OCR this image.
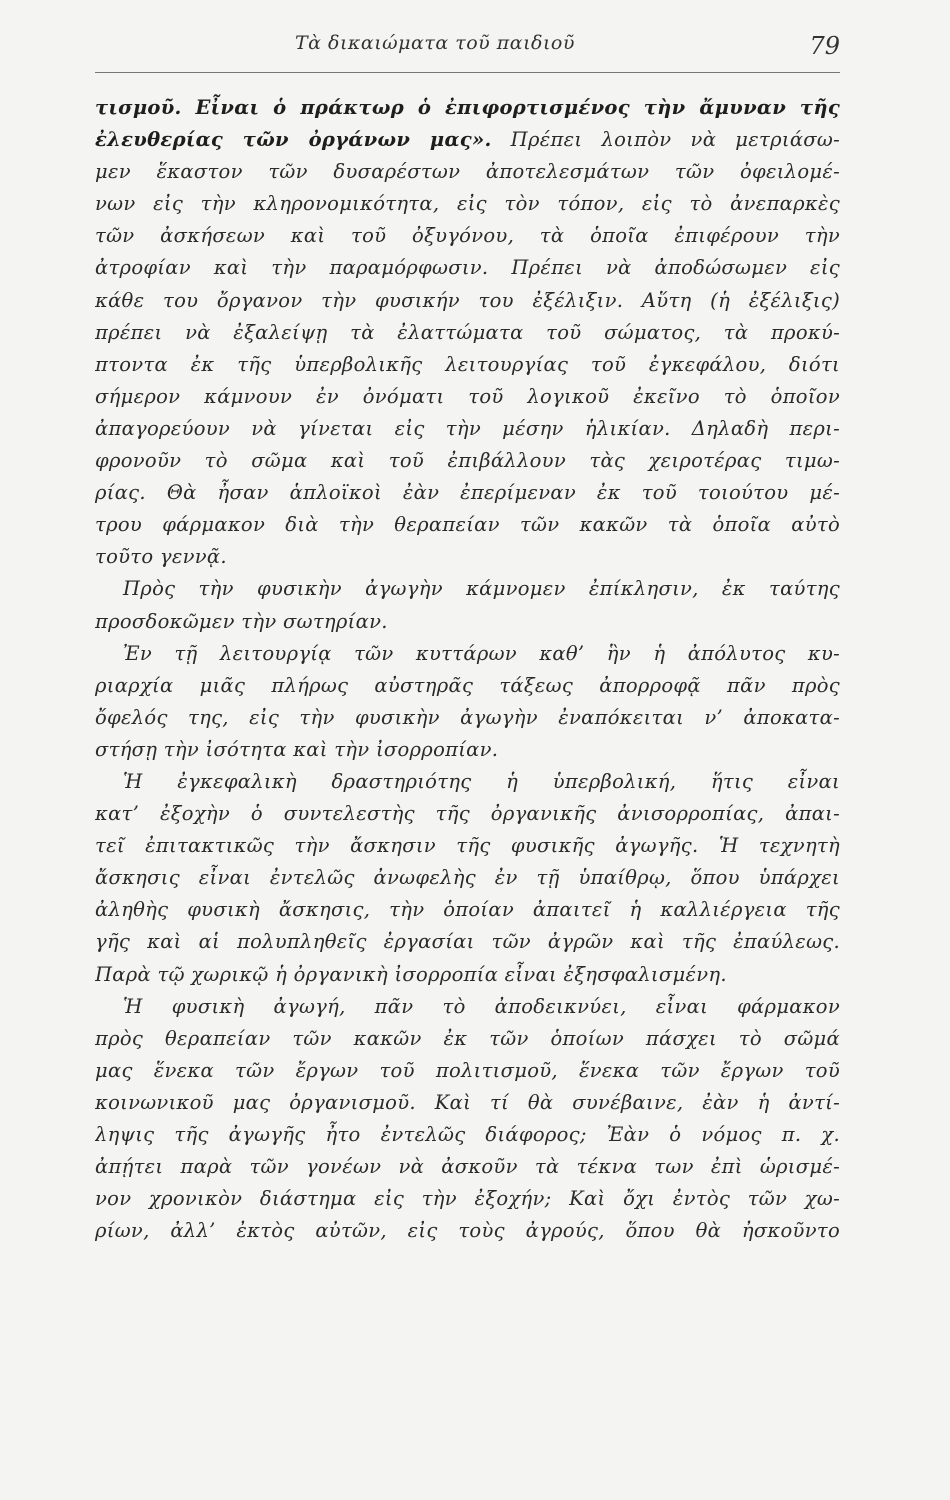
Τὰ δικαιώματα τοῦ παιδιοῦ	79
τισμοῦ. Εἶναι ὁ πράκτωρ ὁ ἐπιφορτισμένος τὴν ἄμυναν τῆς
ἐλευθερίας τῶν ὀργάνων μας». Πρέπει λοιπὸν νὰ μετριάσω-
μεν ἕκαστον τῶν δυσαρέστων ἀποτελεσμάτων τῶν ὀφειλομέ-
νων εἰς τὴν κληρονομικότητα, εἰς τὸν τόπον, εἰς τὸ ἀνεπαρκὲς
τῶν ἀσκήσεων καὶ τοῦ ὀξυγόνου, τὰ ὁποῖα ἐπιφέρουν τὴν
ἀτροφίαν καὶ τὴν παραμόρφωσιν. Πρέπει νὰ ἀποδώσωμεν εἰς
κάθε του ὄργανον τὴν φυσικήν του ἐξέλιξιν. Αὕτη (ἡ ἐξέλιξις)
πρέπει νὰ ἐξαλείψῃ τὰ ἐλαττώματα τοῦ σώματος, τὰ προκύ-
πτοντα ἐκ τῆς ὑπερβολικῆς λειτουργίας τοῦ ἐγκεφάλου, διότι
σήμερον κάμνουν ἐν ὀνόματι τοῦ λογικοῦ ἐκεῖνο τὸ ὁποῖον
ἀπαγορεύουν νὰ γίνεται εἰς τὴν μέσην ἡλικίαν. Δηλαδὴ περι-
φρονοῦν τὸ σῶμα καὶ τοῦ ἐπιβάλλουν τὰς χειροτέρας τιμω-
ρίας. Θὰ ἦσαν ἁπλοϊκοὶ ἐὰν ἐπερίμεναν ἐκ τοῦ τοιούτου μέ-
τρου φάρμακον διὰ τὴν θεραπείαν τῶν κακῶν τὰ ὁποῖα αὐτὸ
τοῦτο γεννᾷ.
Πρὸς τὴν φυσικὴν ἀγωγὴν κάμνομεν ἐπίκλησιν, ἐκ ταύτης
προσδοκῶμεν τὴν σωτηρίαν.
Ἐν τῇ λειτουργίᾳ τῶν κυττάρων καθ’ ἣν ἡ ἀπόλυτος κυ-
ριαρχία μιᾶς πλήρως αὐστηρᾶς τάξεως ἀπορροφᾷ πᾶν πρὸς
ὄφελός της, εἰς τὴν φυσικὴν ἀγωγὴν ἐναπόκειται ν’ ἀποκατα-
στήσῃ τὴν ἰσότητα καὶ τὴν ἰσορροπίαν.
Ἡ ἐγκεφαλικὴ δραστηριότης ἡ ὑπερβολική, ἥτις εἶναι
κατ’ ἐξοχὴν ὁ συντελεστὴς τῆς ὀργανικῆς ἀνισορροπίας, ἀπαι-
τεῖ ἐπιτακτικῶς τὴν ἄσκησιν τῆς φυσικῆς ἀγωγῆς. Ἡ τεχνητὴ
ἄσκησις εἶναι ἐντελῶς ἀνωφελὴς ἐν τῇ ὑπαίθρῳ, ὅπου ὑπάρχει
ἀληθὴς φυσικὴ ἄσκησις, τὴν ὁποίαν ἀπαιτεῖ ἡ καλλιέργεια τῆς
γῆς καὶ αἱ πολυπληθεῖς ἐργασίαι τῶν ἀγρῶν καὶ τῆς ἐπαύλεως.
Παρὰ τῷ χωρικῷ ἡ ὀργανικὴ ἰσορροπία εἶναι ἐξησφαλισμένη.
Ἡ φυσικὴ ἀγωγή, πᾶν τὸ ἀποδεικνύει, εἶναι φάρμακον
πρὸς θεραπείαν τῶν κακῶν ἐκ τῶν ὁποίων πάσχει τὸ σῶμά
μας ἕνεκα τῶν ἔργων τοῦ πολιτισμοῦ, ἕνεκα τῶν ἔργων τοῦ
κοινωνικοῦ μας ὀργανισμοῦ. Καὶ τί θὰ συνέβαινε, ἐὰν ἡ ἀντί-
ληψις τῆς ἀγωγῆς ἦτο ἐντελῶς διάφορος; Ἐὰν ὁ νόμος π. χ.
ἀπῄτει παρὰ τῶν γονέων νὰ ἀσκοῦν τὰ τέκνα των ἐπὶ ὡρισμέ-
νον χρονικὸν διάστημα εἰς τὴν ἐξοχήν; Καὶ ὄχι ἐντὸς τῶν χω-
ρίων, ἀλλ’ ἐκτὸς αὐτῶν, εἰς τοὺς ἀγρούς, ὅπου θὰ ἠσκοῦντο
